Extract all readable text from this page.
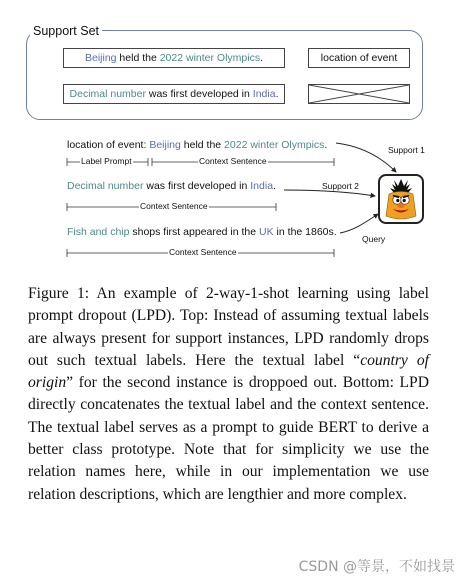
Support Set
Beijing held the 2022 winter Olympics.	location of event
Decimal number was first developed in India.
location of event: Beijing held the 2022 winter Olympics.
Label Prompt	Context Sentence
Support 1
Decimal number was first developed in India.
Context Sentence
Support 2
Fish and chip shops first appeared in the UK in the 1860s.
Context Sentence
Query
Figure 1: An example of 2-way-1-shot learning using label prompt dropout (LPD). Top: Instead of assuming textual labels are always present for support instances, LPD randomly drops out such textual labels. Here the textual label “country of origin” for the second instance is droppoed out. Bottom: LPD directly concatenates the textual label and the context sentence. The textual label serves as a prompt to guide BERT to derive a better class prototype. Note that for simplicity we use the relation names here, while in our implementation we use relation descriptions, which are lengthier and more complex.
CSDN @等景，不如找景
